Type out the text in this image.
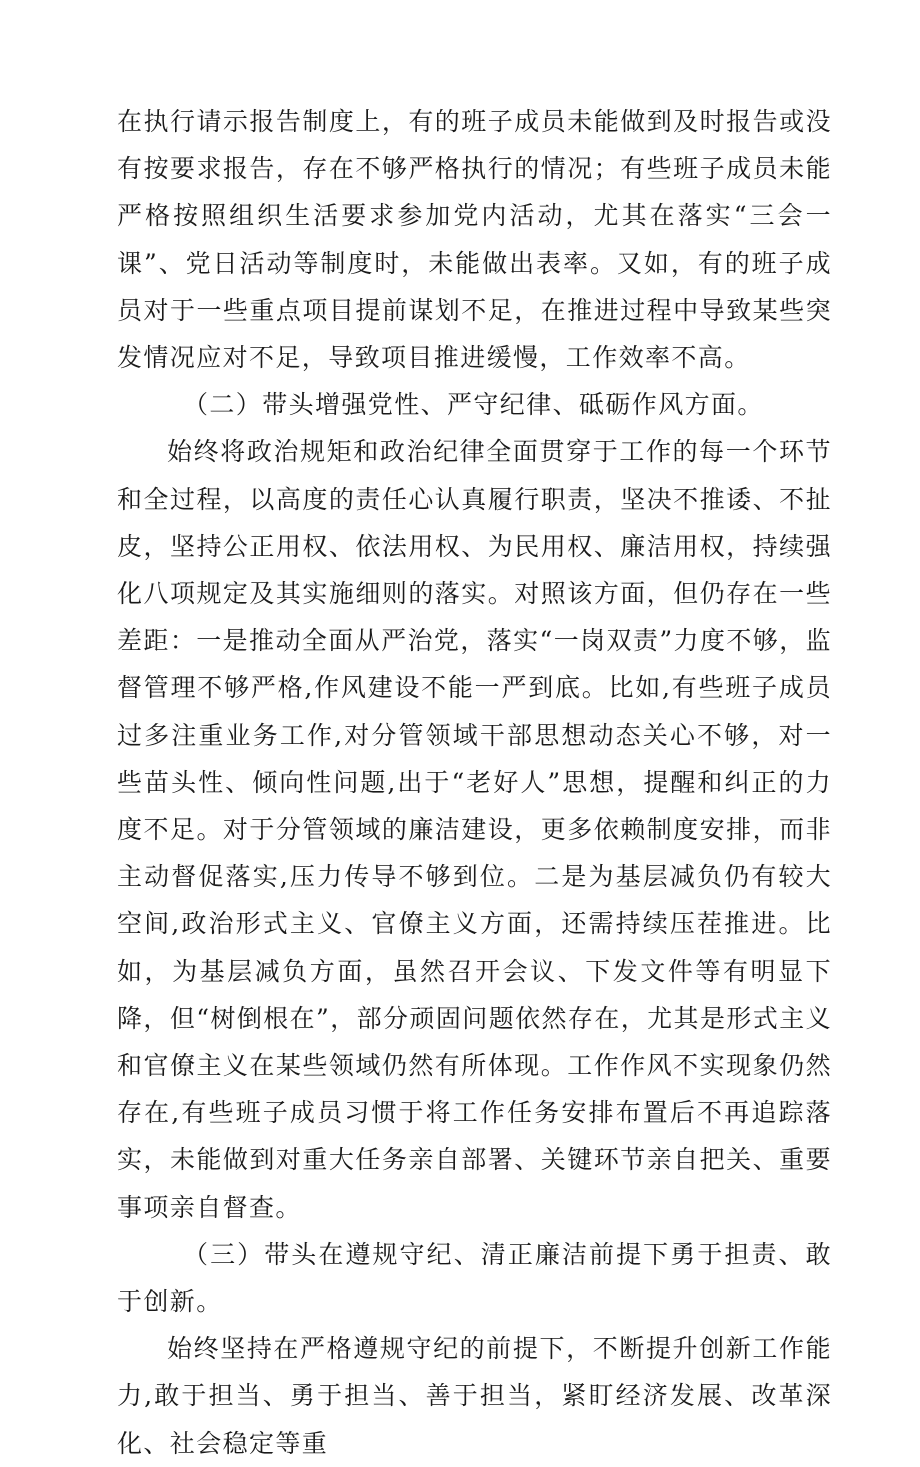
在执行请示报告制度上，有的班子成员未能做到及时报告或没有按要求报告，存在不够严格执行的情况；有些班子成员未能严格按照组织生活要求参加党内活动，尤其在落实“三会一课”、党日活动等制度时，未能做出表率。又如，有的班子成员对于一些重点项目提前谋划不足，在推进过程中导致某些突发情况应对不足，导致项目推进缓慢，工作效率不高。

（二）带头增强党性、严守纪律、砥砺作风方面。

始终将政治规矩和政治纪律全面贯穿于工作的每一个环节和全过程，以高度的责任心认真履行职责，坚决不推诿、不扯皮，坚持公正用权、依法用权、为民用权、廉洁用权，持续强化八项规定及其实施细则的落实。对照该方面，但仍存在一些差距：一是推动全面从严治党，落实“一岗双责”力度不够，监督管理不够严格,作风建设不能一严到底。比如,有些班子成员过多注重业务工作,对分管领域干部思想动态关心不够，对一些苗头性、倾向性问题,出于“老好人”思想，提醒和纠正的力度不足。对于分管领域的廉洁建设，更多依赖制度安排，而非主动督促落实,压力传导不够到位。二是为基层减负仍有较大空间,政治形式主义、官僚主义方面，还需持续压茬推进。比如，为基层减负方面，虽然召开会议、下发文件等有明显下降，但“树倒根在”，部分顽固问题依然存在，尤其是形式主义和官僚主义在某些领域仍然有所体现。工作作风不实现象仍然存在,有些班子成员习惯于将工作任务安排布置后不再追踪落实，未能做到对重大任务亲自部署、关键环节亲自把关、重要事项亲自督查。

（三）带头在遵规守纪、清正廉洁前提下勇于担责、敢于创新。

始终坚持在严格遵规守纪的前提下，不断提升创新工作能力,敢于担当、勇于担当、善于担当，紧盯经济发展、改革深化、社会稳定等重
